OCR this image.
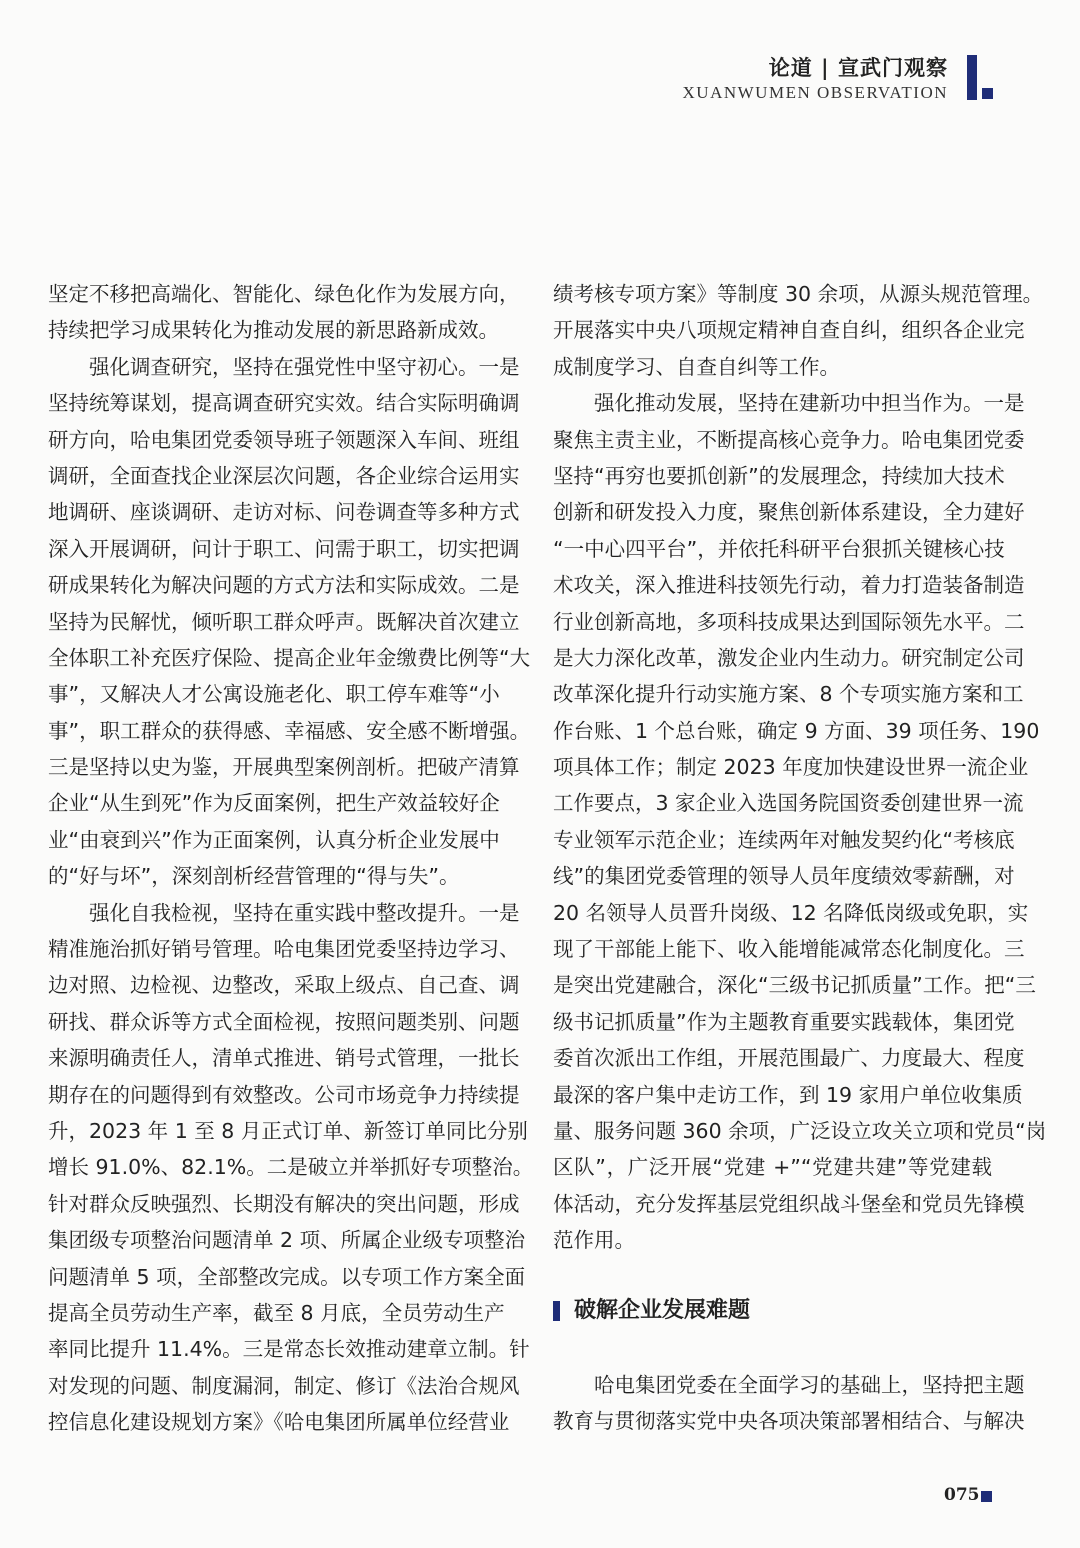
论道 | 宣武门观察
XUANWUMEN OBSERVATION
坚定不移把高端化、智能化、绿色化作为发展方向，
持续把学习成果转化为推动发展的新思路新成效。
强化调查研究，坚持在强党性中坚守初心。一是
坚持统筹谋划，提高调查研究实效。结合实际明确调
研方向，哈电集团党委领导班子领题深入车间、班组
调研，全面查找企业深层次问题，各企业综合运用实
地调研、座谈调研、走访对标、问卷调查等多种方式
深入开展调研，问计于职工、问需于职工，切实把调
研成果转化为解决问题的方式方法和实际成效。二是
坚持为民解忧，倾听职工群众呼声。既解决首次建立
全体职工补充医疗保险、提高企业年金缴费比例等“大
事”，又解决人才公寓设施老化、职工停车难等“小
事”，职工群众的获得感、幸福感、安全感不断增强。
三是坚持以史为鉴，开展典型案例剖析。把破产清算
企业“从生到死”作为反面案例，把生产效益较好企
业“由衰到兴”作为正面案例，认真分析企业发展中
的“好与坏”，深刻剖析经营管理的“得与失”。
强化自我检视，坚持在重实践中整改提升。一是
精准施治抓好销号管理。哈电集团党委坚持边学习、
边对照、边检视、边整改，采取上级点、自己查、调
研找、群众诉等方式全面检视，按照问题类别、问题
来源明确责任人，清单式推进、销号式管理，一批长
期存在的问题得到有效整改。公司市场竞争力持续提
升，2023 年 1 至 8 月正式订单、新签订单同比分别
增长 91.0%、82.1%。二是破立并举抓好专项整治。
针对群众反映强烈、长期没有解决的突出问题，形成
集团级专项整治问题清单 2 项、所属企业级专项整治
问题清单 5 项，全部整改完成。以专项工作方案全面
提高全员劳动生产率，截至 8 月底，全员劳动生产
率同比提升 11.4%。三是常态长效推动建章立制。针
对发现的问题、制度漏洞，制定、修订《法治合规风
控信息化建设规划方案》《哈电集团所属单位经营业
绩考核专项方案》等制度 30 余项，从源头规范管理。
开展落实中央八项规定精神自查自纠，组织各企业完
成制度学习、自查自纠等工作。
强化推动发展，坚持在建新功中担当作为。一是
聚焦主责主业，不断提高核心竞争力。哈电集团党委
坚持“再穷也要抓创新”的发展理念，持续加大技术
创新和研发投入力度，聚焦创新体系建设，全力建好
“一中心四平台”，并依托科研平台狠抓关键核心技
术攻关，深入推进科技领先行动，着力打造装备制造
行业创新高地，多项科技成果达到国际领先水平。二
是大力深化改革，激发企业内生动力。研究制定公司
改革深化提升行动实施方案、8 个专项实施方案和工
作台账、1 个总台账，确定 9 方面、39 项任务、190
项具体工作；制定 2023 年度加快建设世界一流企业
工作要点，3 家企业入选国务院国资委创建世界一流
专业领军示范企业；连续两年对触发契约化“考核底
线”的集团党委管理的领导人员年度绩效零薪酬，对
20 名领导人员晋升岗级、12 名降低岗级或免职，实
现了干部能上能下、收入能增能减常态化制度化。三
是突出党建融合，深化“三级书记抓质量”工作。把“三
级书记抓质量”作为主题教育重要实践载体，集团党
委首次派出工作组，开展范围最广、力度最大、程度
最深的客户集中走访工作，到 19 家用户单位收集质
量、服务问题 360 余项，广泛设立攻关立项和党员“岗
区队”，广泛开展“党建 +”“党建共建”等党建载
体活动，充分发挥基层党组织战斗堡垒和党员先锋模
范作用。
破解企业发展难题
哈电集团党委在全面学习的基础上，坚持把主题
教育与贯彻落实党中央各项决策部署相结合、与解决
075
